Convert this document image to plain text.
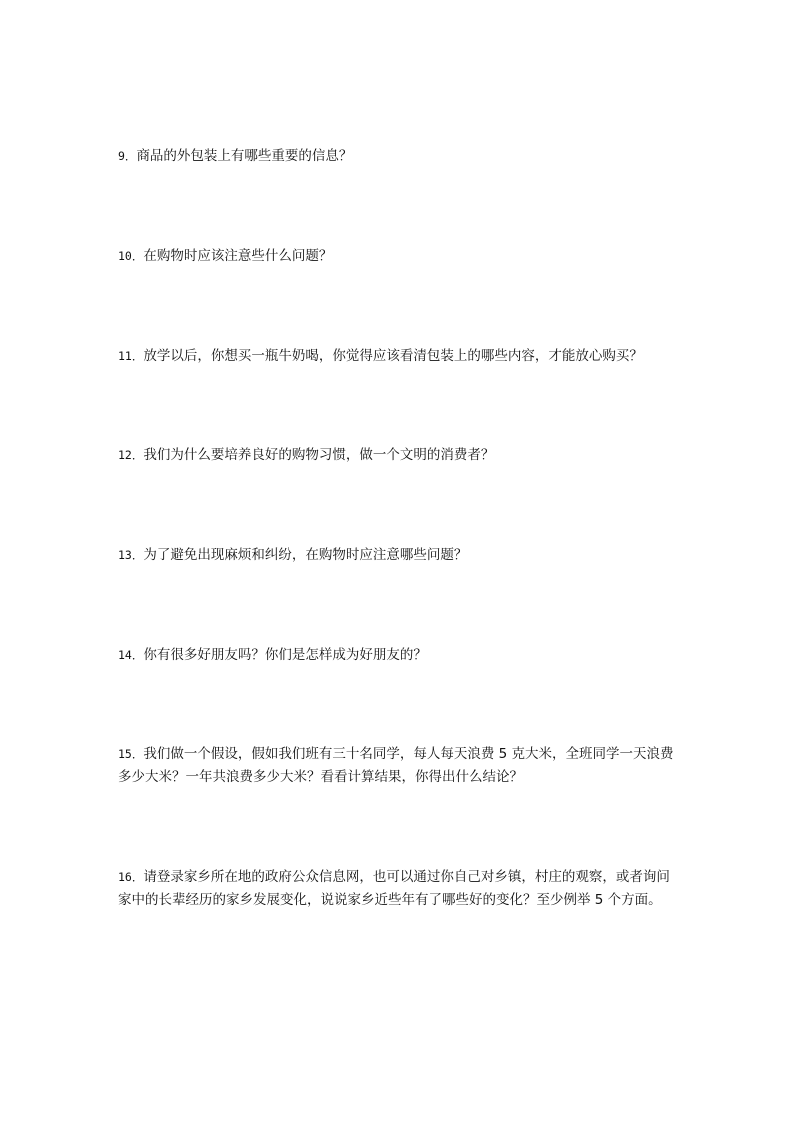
9．商品的外包装上有哪些重要的信息？

10．在购物时应该注意些什么问题？

11．放学以后，你想买一瓶牛奶喝，你觉得应该看清包装上的哪些内容，才能放心购买？

12．我们为什么要培养良好的购物习惯，做一个文明的消费者？

13．为了避免出现麻烦和纠纷，在购物时应注意哪些问题？

14．你有很多好朋友吗？你们是怎样成为好朋友的？

15．我们做一个假设，假如我们班有三十名同学，每人每天浪费 5 克大米，全班同学一天浪费多少大米？一年共浪费多少大米？看看计算结果，你得出什么结论？

16．请登录家乡所在地的政府公众信息网，也可以通过你自己对乡镇，村庄的观察，或者询问家中的长辈经历的家乡发展变化，说说家乡近些年有了哪些好的变化？至少例举 5 个方面。
